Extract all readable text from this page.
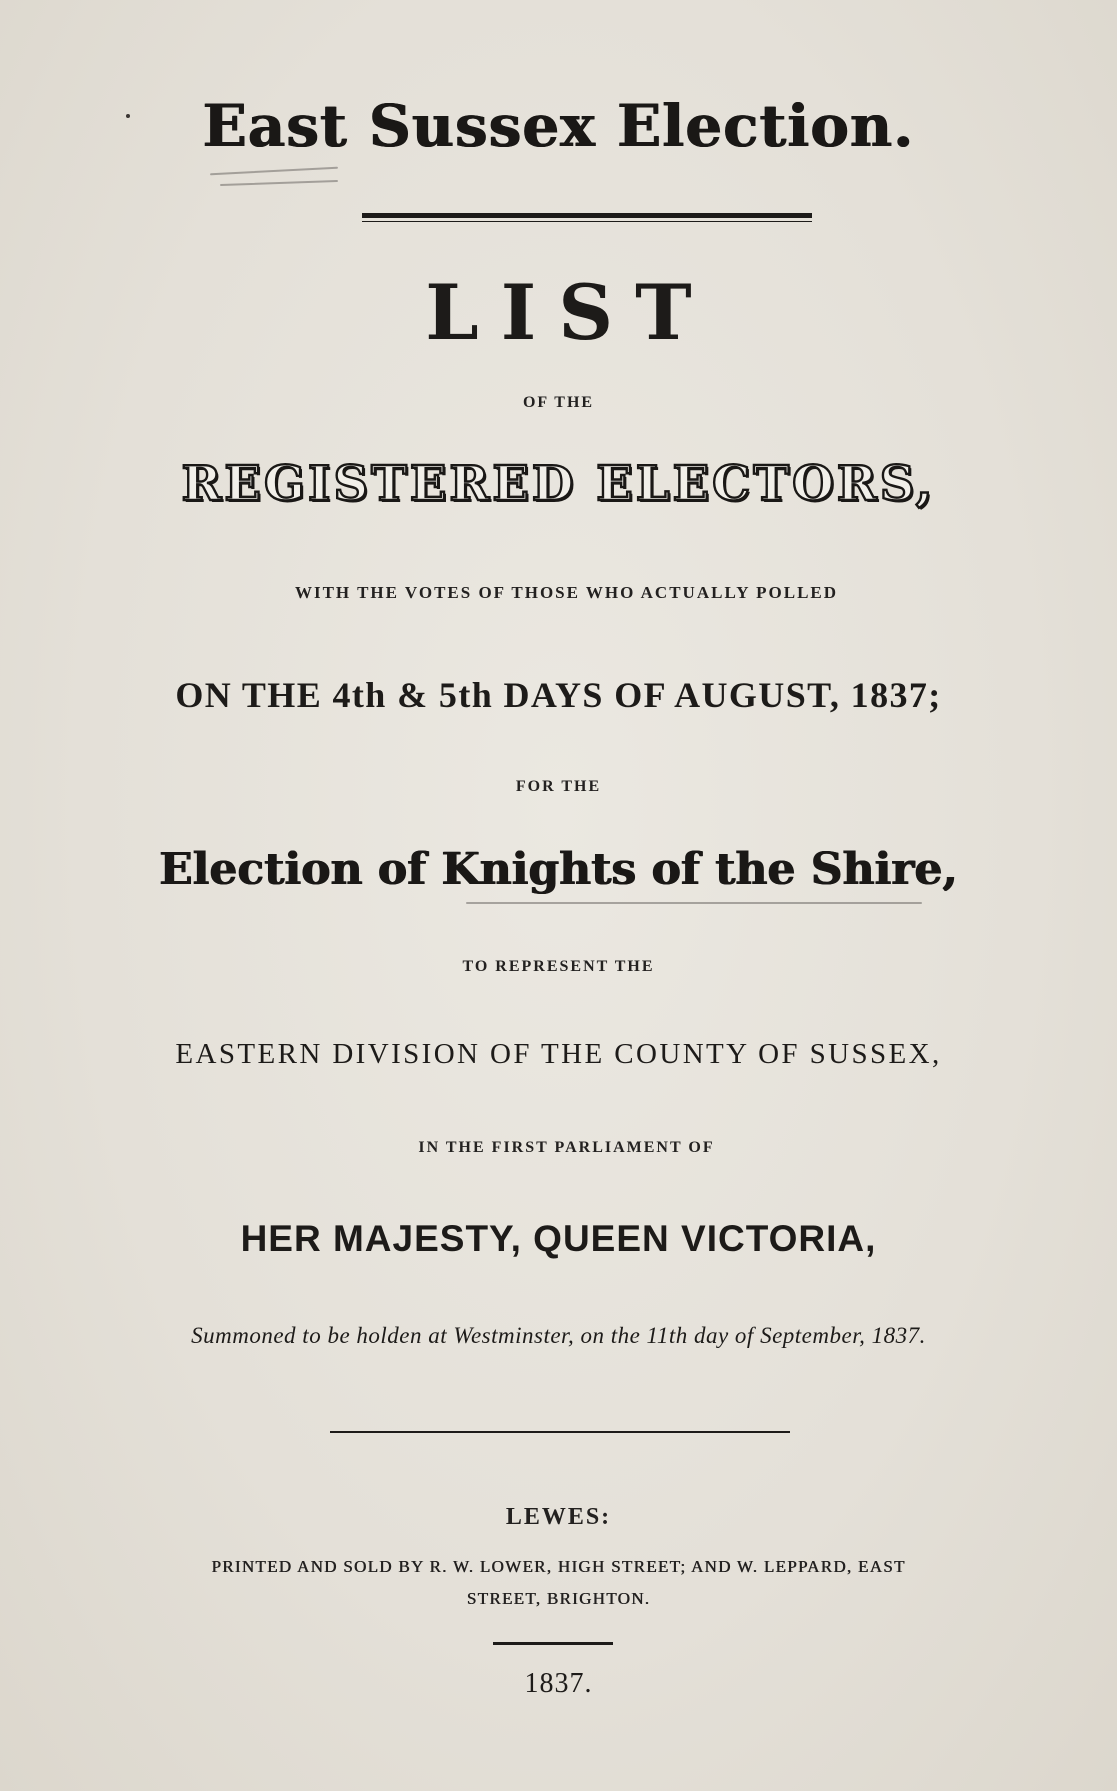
East Sussex Election.

LIST

OF THE

REGISTERED ELECTORS,

WITH THE VOTES OF THOSE WHO ACTUALLY POLLED

ON THE 4th & 5th DAYS OF AUGUST, 1837;

FOR THE

Election of Knights of the Shire,

TO REPRESENT THE

EASTERN DIVISION OF THE COUNTY OF SUSSEX,

IN THE FIRST PARLIAMENT OF

HER MAJESTY, QUEEN VICTORIA,

Summoned to be holden at Westminster, on the 11th day of September, 1837.

LEWES:

PRINTED AND SOLD BY R. W. LOWER, HIGH STREET; AND W. LEPPARD, EAST

STREET, BRIGHTON.

1837.
